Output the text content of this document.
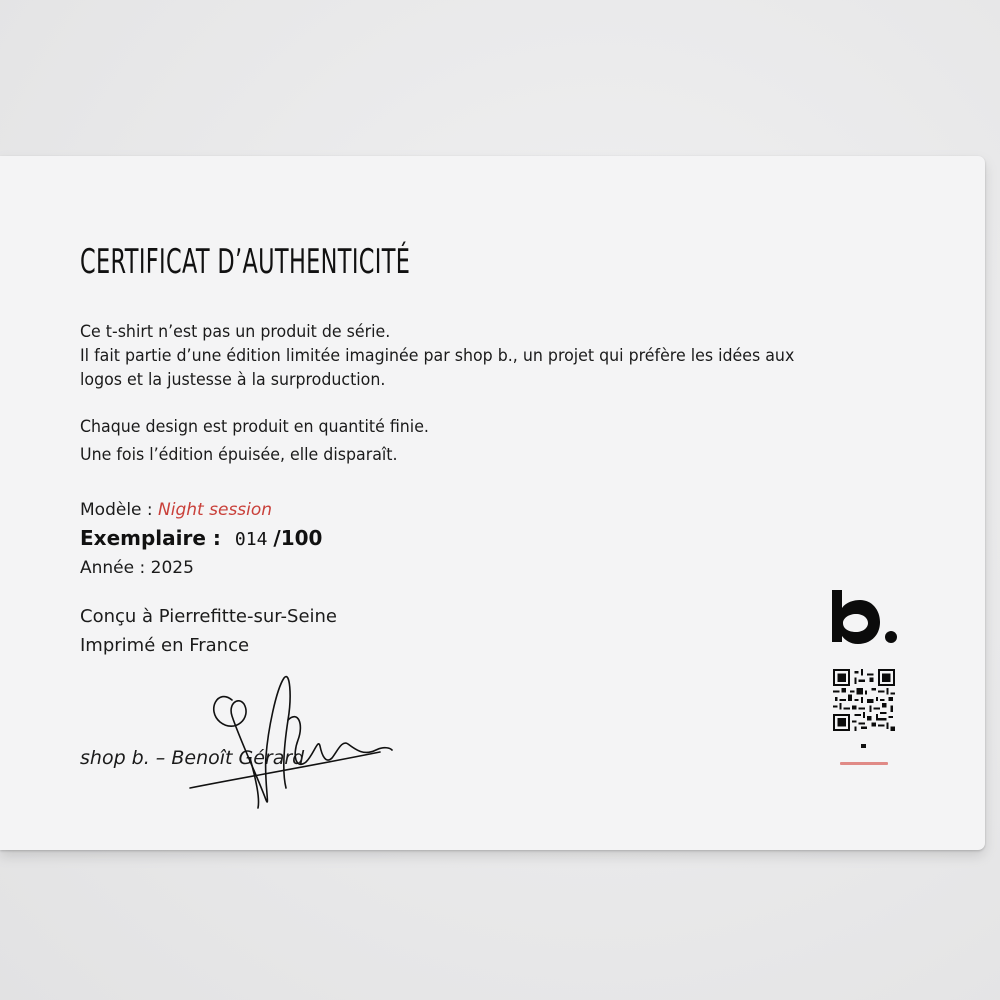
CERTIFICAT D’AUTHENTICITÉ
Ce t-shirt n’est pas un produit de série.
Il fait partie d’une édition limitée imaginée par shop b., un projet qui préfère les idées aux
logos et la justesse à la surproduction.
Chaque design est produit en quantité finie.
Une fois l’édition épuisée, elle disparaît.
Modèle : Night session
Exemplaire : 014 /100
Année : 2025
Conçu à Pierrefitte-sur-Seine
Imprimé en France
shop b. – Benoît Gérard
